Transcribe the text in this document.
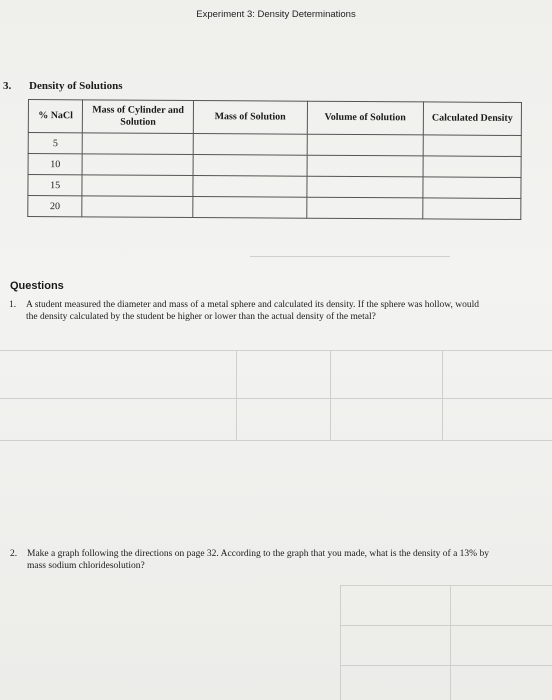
Experiment 3: Density Determinations
3. Density of Solutions
% NaCl	Mass of Cylinder and Solution	Mass of Solution	Volume of Solution	Calculated Density
5				
10				
15				
20				
Questions
1. A student measured the diameter and mass of a metal sphere and calculated its density. If the sphere was hollow, would the density calculated by the student be higher or lower than the actual density of the metal?
2. Make a graph following the directions on page 32. According to the graph that you made, what is the density of a 13% by mass sodium chloridesolution?
